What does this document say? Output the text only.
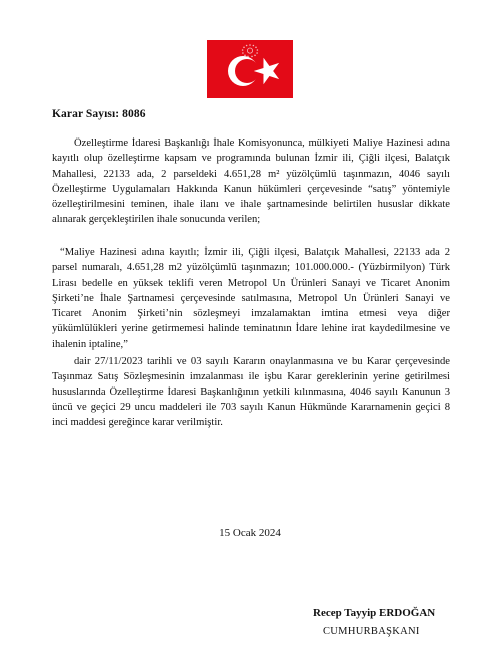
Karar Sayısı: 8086

Özelleştirme İdaresi Başkanlığı İhale Komisyonunca, mülkiyeti Maliye Hazinesi adına kayıtlı olup özelleştirme kapsam ve programında bulunan İzmir ili, Çiğli ilçesi, Balatçık Mahallesi, 22133 ada, 2 parseldeki 4.651,28 m² yüzölçümlü taşınmazın, 4046 sayılı Özelleştirme Uygulamaları Hakkında Kanun hükümleri çerçevesinde “satış” yöntemiyle özelleştirilmesini teminen, ihale ilanı ve ihale şartnamesinde belirtilen hususlar dikkate alınarak gerçekleştirilen ihale sonucunda verilen;

“Maliye Hazinesi adına kayıtlı; İzmir ili, Çiğli ilçesi, Balatçık Mahallesi, 22133 ada 2 parsel numaralı, 4.651,28 m2 yüzölçümlü taşınmazın; 101.000.000.- (Yüzbirmilyon) Türk Lirası bedelle en yüksek teklifi veren Metropol Un Ürünleri Sanayi ve Ticaret Anonim Şirketi’ne İhale Şartnamesi çerçevesinde satılmasına, Metropol Un Ürünleri Sanayi ve Ticaret Anonim Şirketi’nin sözleşmeyi imzalamaktan imtina etmesi veya diğer yükümlülükleri yerine getirmemesi halinde teminatının İdare lehine irat kaydedilmesine ve ihalenin iptaline,”

dair 27/11/2023 tarihli ve 03 sayılı Kararın onaylanmasına ve bu Karar çerçevesinde Taşınmaz Satış Sözleşmesinin imzalanması ile işbu Karar gereklerinin yerine getirilmesi hususlarında Özelleştirme İdaresi Başkanlığının yetkili kılınmasına, 4046 sayılı Kanunun 3 üncü ve geçici 29 uncu maddeleri ile 703 sayılı Kanun Hükmünde Kararnamenin geçici 8 inci maddesi gereğince karar verilmiştir.

15 Ocak 2024
Recep Tayyip ERDOĞAN
CUMHURBAŞKANI
